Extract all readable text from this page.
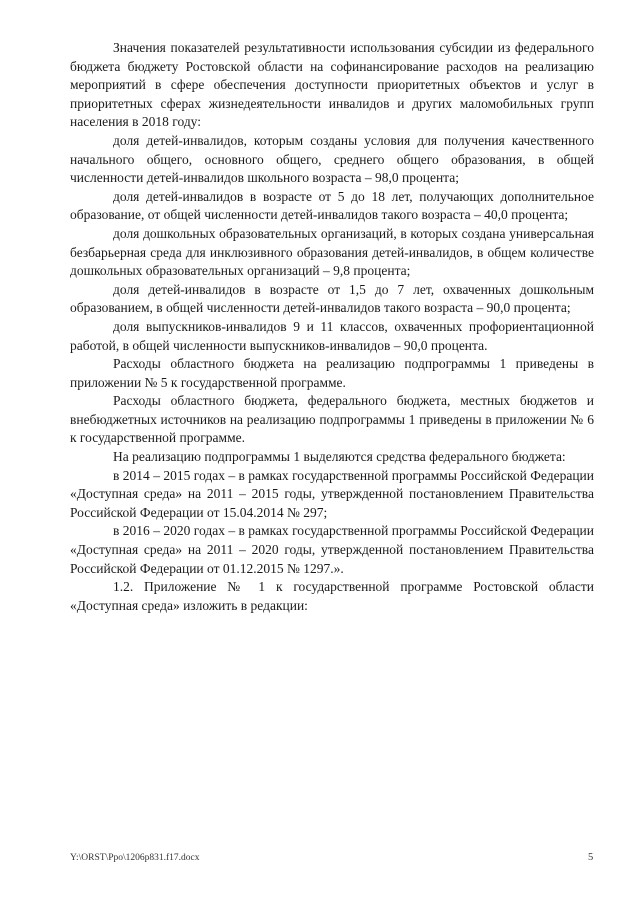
Значения показателей результативности использования субсидии из федерального бюджета бюджету Ростовской области на софинансирование расходов на реализацию мероприятий в сфере обеспечения доступности приоритетных объектов и услуг в приоритетных сферах жизнедеятельности инвалидов и других маломобильных групп населения в 2018 году:

доля детей-инвалидов, которым созданы условия для получения качественного начального общего, основного общего, среднего общего образования, в общей численности детей-инвалидов школьного возраста – 98,0 процента;

доля детей-инвалидов в возрасте от 5 до 18 лет, получающих дополнительное образование, от общей численности детей-инвалидов такого возраста – 40,0 процента;

доля дошкольных образовательных организаций, в которых создана универсальная безбарьерная среда для инклюзивного образования детей-инвалидов, в общем количестве дошкольных образовательных организаций – 9,8 процента;

доля детей-инвалидов в возрасте от 1,5 до 7 лет, охваченных дошкольным образованием, в общей численности детей-инвалидов такого возраста – 90,0 процента;

доля выпускников-инвалидов 9 и 11 классов, охваченных профориентационной работой, в общей численности выпускников-инвалидов – 90,0 процента.

Расходы областного бюджета на реализацию подпрограммы 1 приведены в приложении № 5 к государственной программе.

Расходы областного бюджета, федерального бюджета, местных бюджетов и внебюджетных источников на реализацию подпрограммы 1 приведены в приложении № 6 к государственной программе.

На реализацию подпрограммы 1 выделяются средства федерального бюджета:

в 2014 – 2015 годах – в рамках государственной программы Российской Федерации «Доступная среда» на 2011 – 2015 годы, утвержденной постановлением Правительства Российской Федерации от 15.04.2014 № 297;

в 2016 – 2020 годах – в рамках государственной программы Российской Федерации «Доступная среда» на 2011 – 2020 годы, утвержденной постановлением Правительства Российской Федерации от 01.12.2015 № 1297.».

1.2. Приложение № 1 к государственной программе Ростовской области «Доступная среда» изложить в редакции:

Y:\ORST\Ppo\1206p831.f17.docx	5
